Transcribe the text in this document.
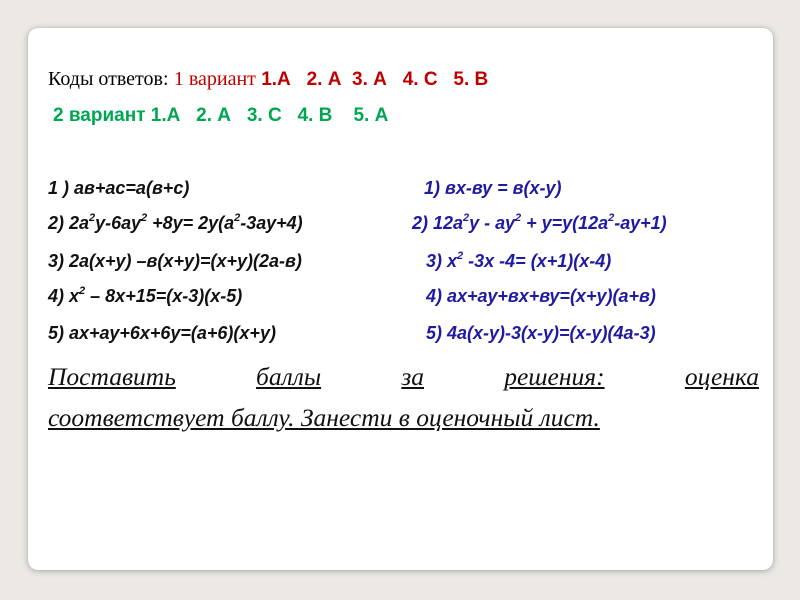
Коды ответов: 1 вариант 1.А   2. А  3. А   4. С   5. В
2 вариант 1.А   2. А   3. С   4. В    5. А
1 ) ав+ас=а(в+с)
2) $2а^2у-6ау^2 +8у= 2у(а^2-3ау+4)$
3) 2а(х+у) –в(х+у)=(х+у)(2а-в)
4) $х^2 - 8х+15=(х-3)(х-5)$
5) ах+ау+6х+6у=(а+6)(х+у)
1) вх-ву = в(х-у)
2) $12а^2у - ау^2 + у=у(12а^2-ау+1)$
3) $х^2$ -3х -4= (х+1)(х-4)
4) ах+ау+вх+ву=(х+у)(а+в)
5) 4а(х-у)-3(х-у)=(х-у)(4а-3)
Поставить	баллы	за	решения:	оценка
соответствует баллу. Занести в оценочный лист.
